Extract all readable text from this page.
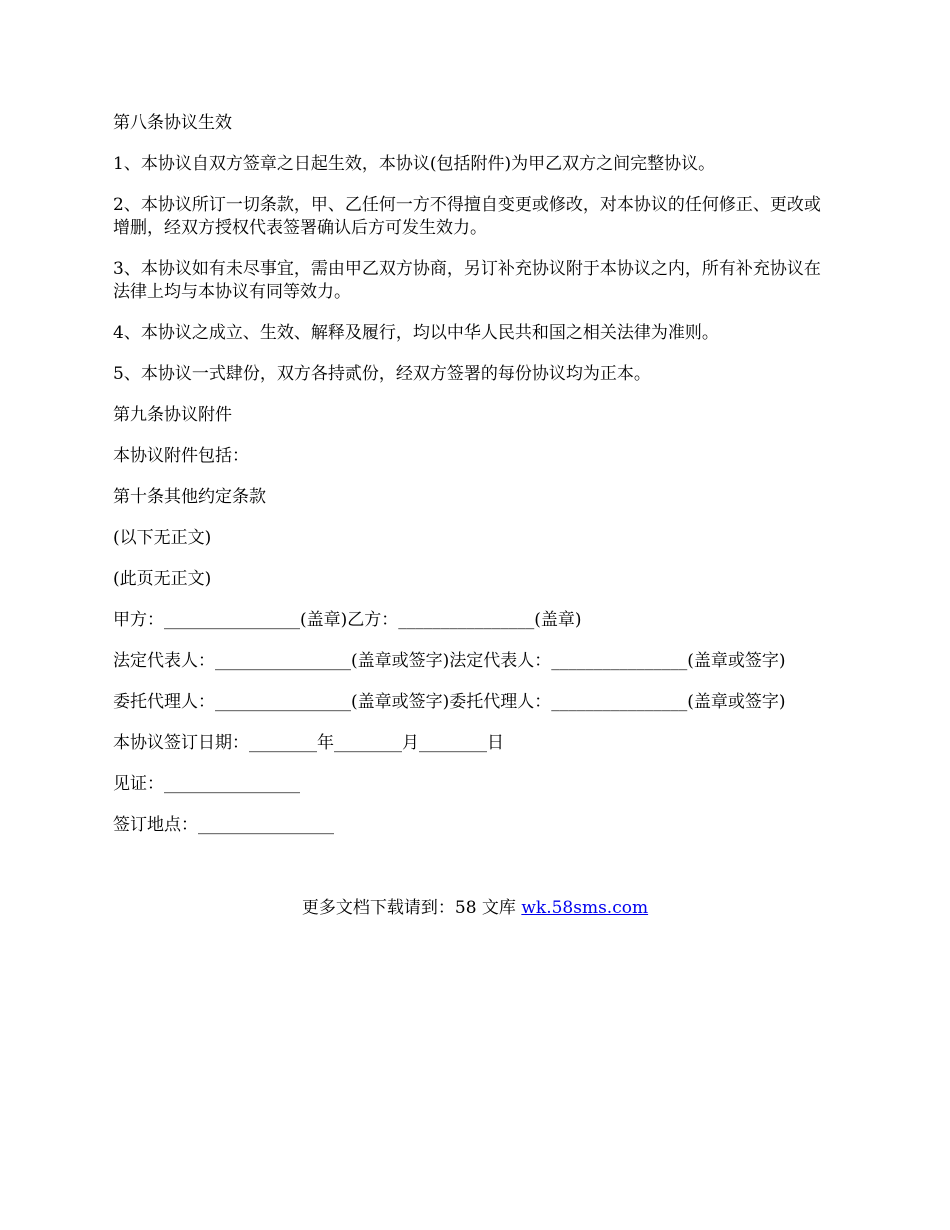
第八条协议生效

1、本协议自双方签章之日起生效，本协议(包括附件)为甲乙双方之间完整协议。

2、本协议所订一切条款，甲、乙任何一方不得擅自变更或修改，对本协议的任何修正、更改或增删，经双方授权代表签署确认后方可发生效力。

3、本协议如有未尽事宜，需由甲乙双方协商，另订补充协议附于本协议之内，所有补充协议在法律上均与本协议有同等效力。

4、本协议之成立、生效、解释及履行，均以中华人民共和国之相关法律为准则。

5、本协议一式肆份，双方各持贰份，经双方签署的每份协议均为正本。

第九条协议附件

本协议附件包括：

第十条其他约定条款

(以下无正文)

(此页无正文)

甲方：________________(盖章)乙方：________________(盖章)

法定代表人：________________(盖章或签字)法定代表人：________________(盖章或签字)

委托代理人：________________(盖章或签字)委托代理人：________________(盖章或签字)

本协议签订日期：________年________月________日

见证：________________

签订地点：________________

更多文档下载请到：58 文库 wk.58sms.com
